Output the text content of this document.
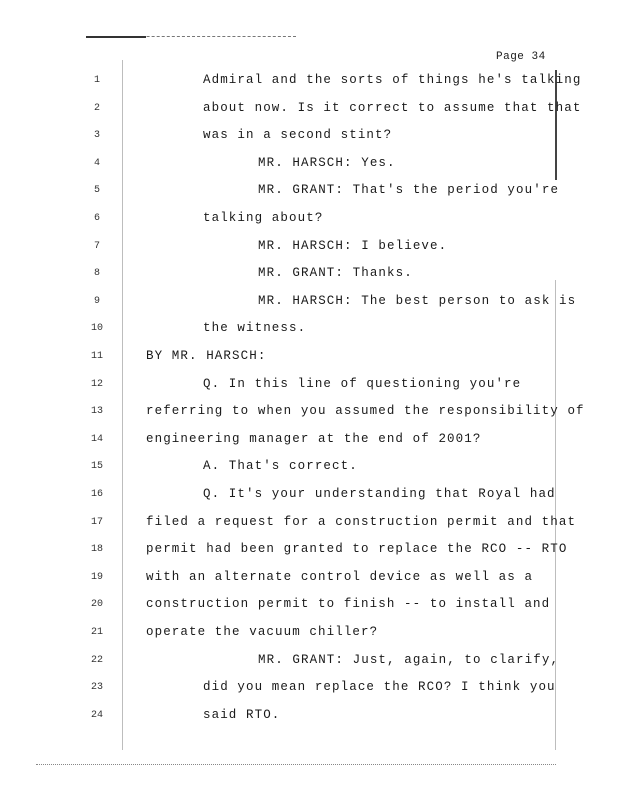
Page 34
1	Admiral and the sorts of things he's talking
2	about now. Is it correct to assume that that
3	was in a second stint?
4	MR. HARSCH: Yes.
5	MR. GRANT: That's the period you're
6	talking about?
7	MR. HARSCH: I believe.
8	MR. GRANT: Thanks.
9	MR. HARSCH: The best person to ask is
10	the witness.
11	BY MR. HARSCH:
12	Q. In this line of questioning you're
13	referring to when you assumed the responsibility of
14	engineering manager at the end of 2001?
15	A. That's correct.
16	Q. It's your understanding that Royal had
17	filed a request for a construction permit and that
18	permit had been granted to replace the RCO -- RTO
19	with an alternate control device as well as a
20	construction permit to finish -- to install and
21	operate the vacuum chiller?
22	MR. GRANT: Just, again, to clarify,
23	did you mean replace the RCO? I think you
24	said RTO.
